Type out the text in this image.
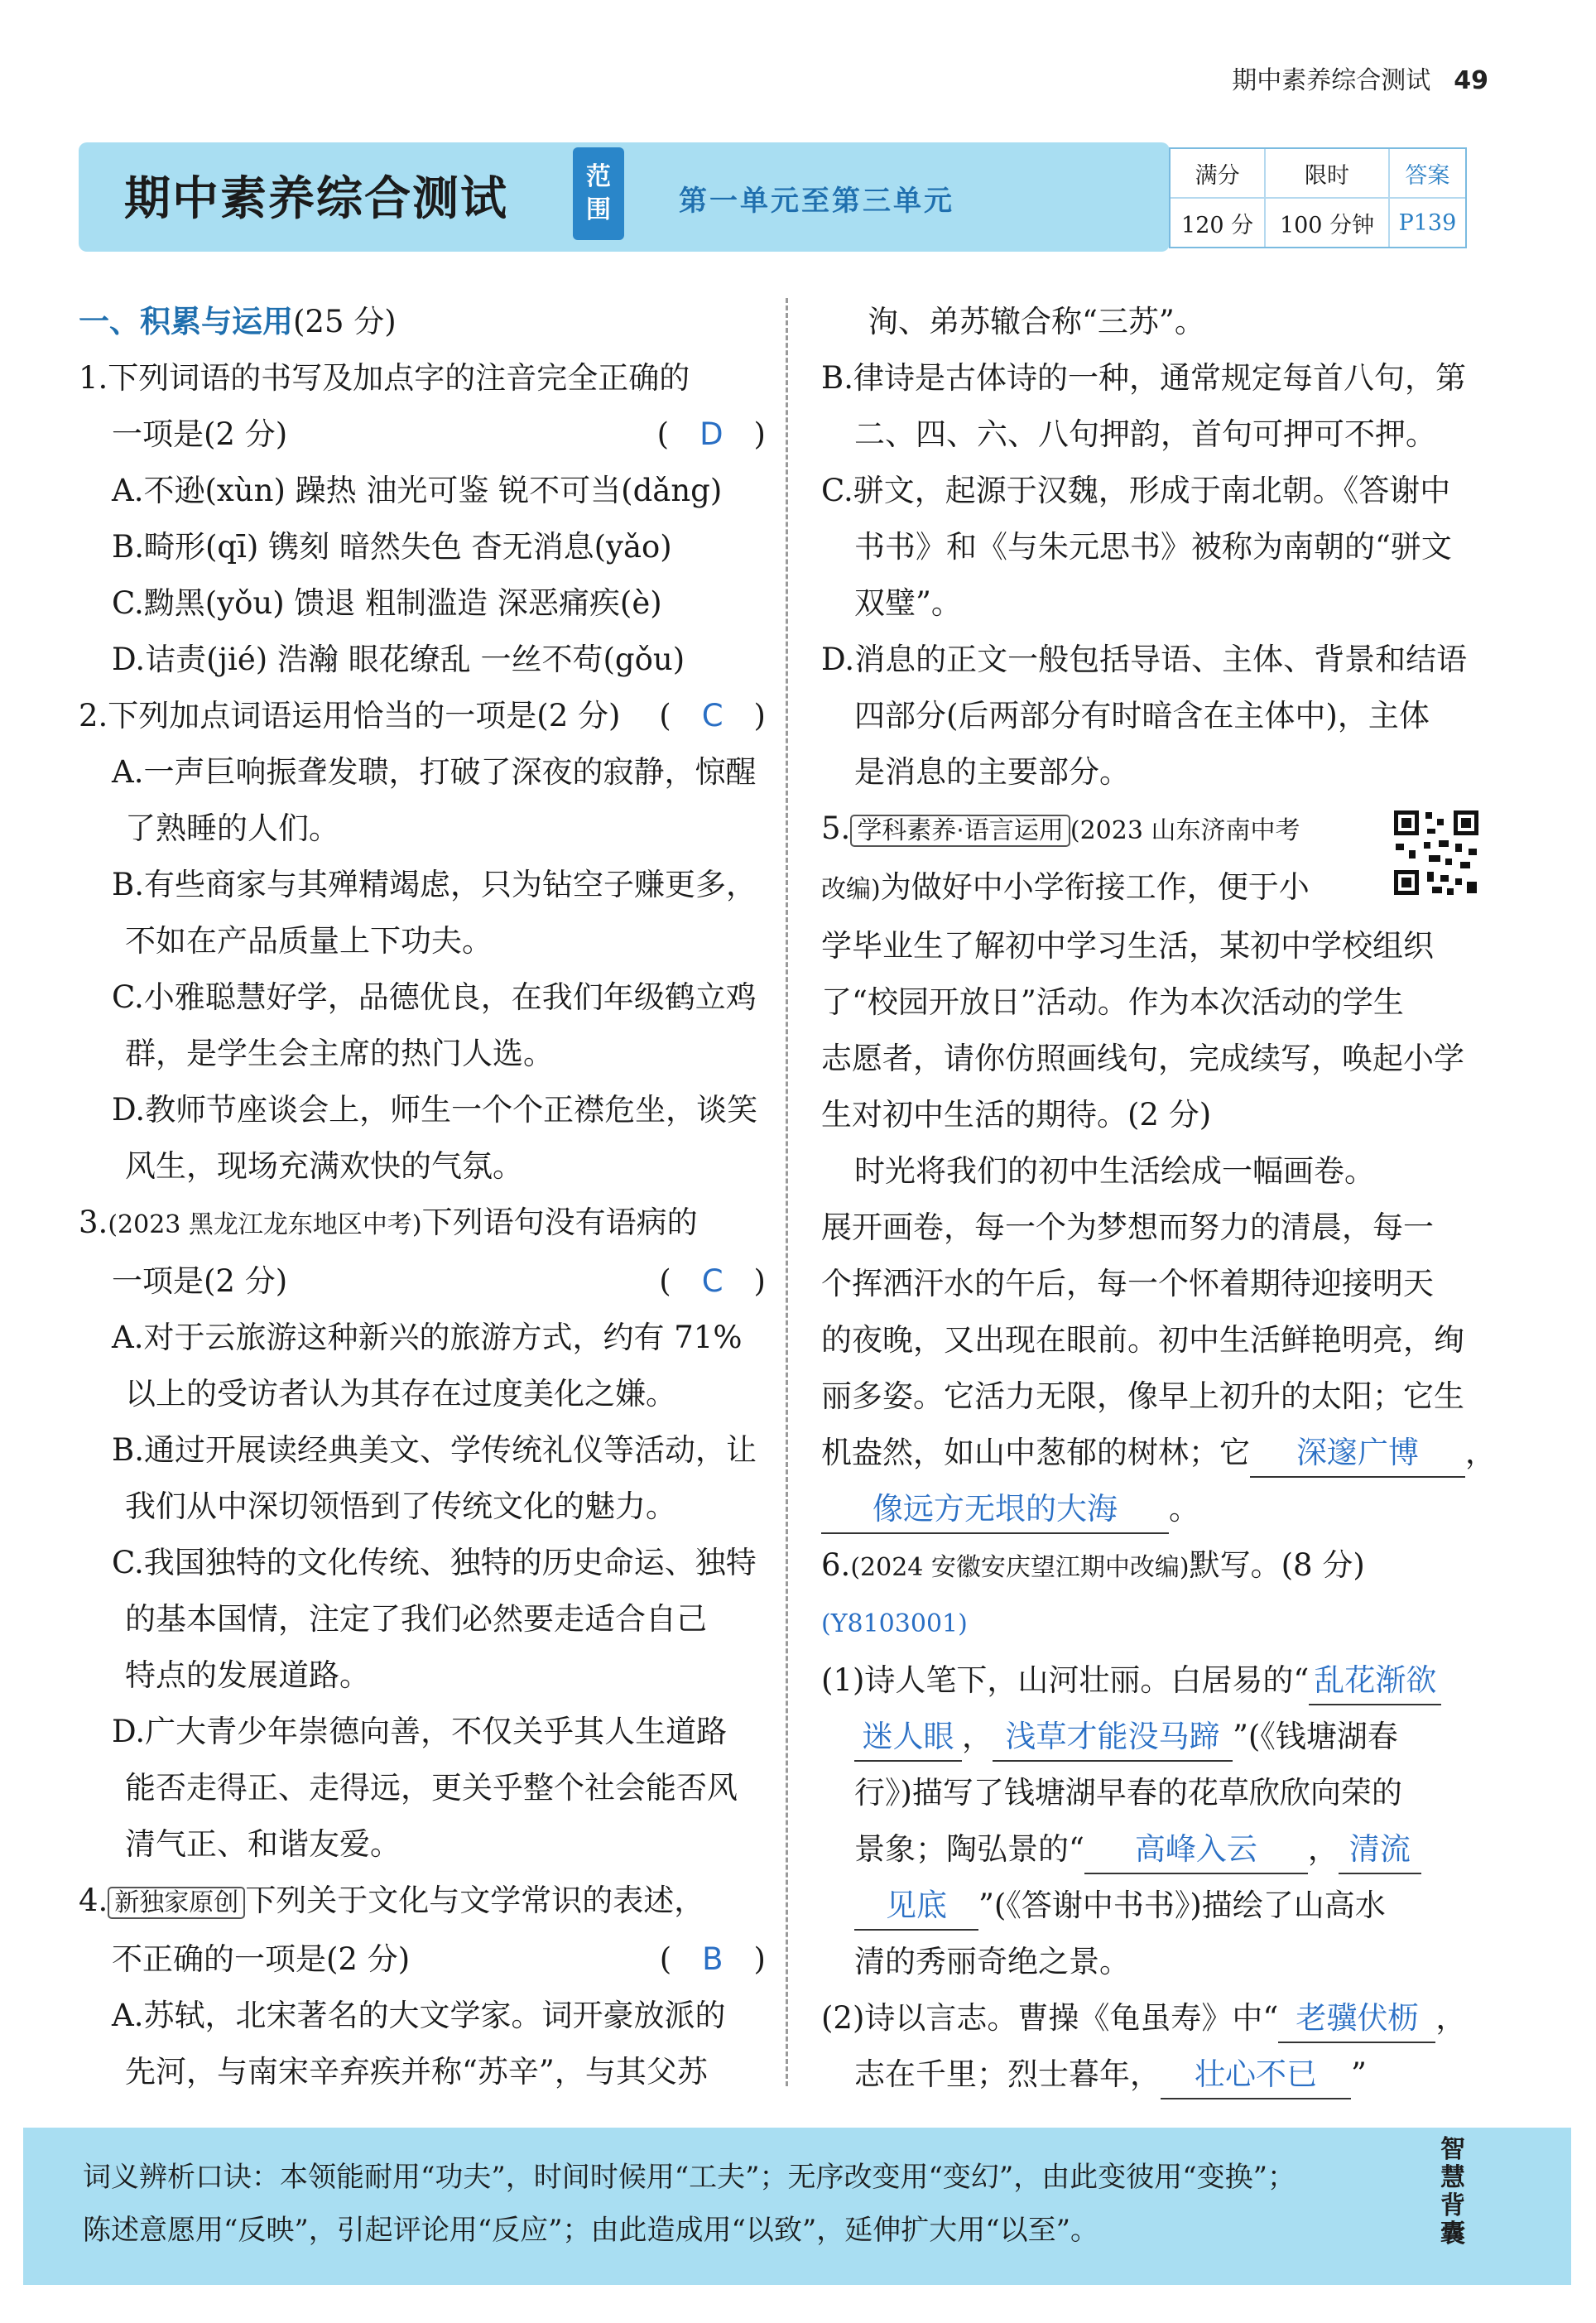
期中素养综合测试 49
期中素养综合测试	范
围 第一单元至第三单元
满分	限时	答案
120 分	100 分钟	P139
一、积累与运用(25 分)
1.下列词语的书写及加点字的注音完全正确的
一项是(2 分)	(　D　)
A.不逊(xùn) 躁热 油光可鉴 锐不可当(dǎng)
B.畸形(qī) 镌刻 暗然失色 杳无消息(yǎo)
C.黝黑(yǒu) 馈退 粗制滥造 深恶痛疾(è)
D.诘责(jié) 浩瀚 眼花缭乱 一丝不苟(gǒu)
2.下列加点词语运用恰当的一项是(2 分) (　C　)
A.一声巨响振聋发聩，打破了深夜的寂静，惊醒
了熟睡的人们。
B.有些商家与其殚精竭虑，只为钻空子赚更多，
不如在产品质量上下功夫。
C.小雅聪慧好学，品德优良，在我们年级鹤立鸡
群，是学生会主席的热门人选。
D.教师节座谈会上，师生一个个正襟危坐，谈笑
风生，现场充满欢快的气氛。
3.(2023 黑龙江龙东地区中考)下列语句没有语病的
一项是(2 分)	(　C　)
A.对于云旅游这种新兴的旅游方式，约有 71%
以上的受访者认为其存在过度美化之嫌。
B.通过开展读经典美文、学传统礼仪等活动，让
我们从中深切领悟到了传统文化的魅力。
C.我国独特的文化传统、独特的历史命运、独特
的基本国情，注定了我们必然要走适合自己
特点的发展道路。
D.广大青少年崇德向善，不仅关乎其人生道路
能否走得正、走得远，更关乎整个社会能否风
清气正、和谐友爱。
4. 新独家原创 下列关于文化与文学常识的表述，
不正确的一项是(2 分)	(　B　)
A.苏轼，北宋著名的大文学家。词开豪放派的
先河，与南宋辛弃疾并称“苏辛”，与其父苏
洵、弟苏辙合称“三苏”。
B.律诗是古体诗的一种，通常规定每首八句，第
二、四、六、八句押韵，首句可押可不押。
C.骈文，起源于汉魏，形成于南北朝。《答谢中
书书》和《与朱元思书》被称为南朝的“骈文
双璧”。
D.消息的正文一般包括导语、主体、背景和结语
四部分(后两部分有时暗含在主体中)，主体
是消息的主要部分。
5. 学科素养·语言运用 (2023 山东济南中考
改编)为做好中小学衔接工作，便于小
学毕业生了解初中学习生活，某初中学校组织
了“校园开放日”活动。作为本次活动的学生
志愿者，请你仿照画线句，完成续写，唤起小学
生对初中生活的期待。(2 分)
时光将我们的初中生活绘成一幅画卷。
展开画卷，每一个为梦想而努力的清晨，每一
个挥洒汗水的午后，每一个怀着期待迎接明天
的夜晚，又出现在眼前。初中生活鲜艳明亮，绚
丽多姿。它活力无限，像早上初升的太阳；它生
机盎然，如山中葱郁的树林；它 深邃广博 ，
像远方无垠的大海 。
6.(2024 安徽安庆望江期中改编)默写。(8 分)
(Y8103001)
(1)诗人笔下，山河壮丽。白居易的“ 乱花渐欲
迷人眼 ， 浅草才能没马蹄 ”(《钱塘湖春
行》)描写了钱塘湖早春的花草欣欣向荣的
景象；陶弘景的“ 高峰入云 ， 清流
见底 ”(《答谢中书书》)描绘了山高水
清的秀丽奇绝之景。
(2)诗以言志。曹操《龟虽寿》中“ 老骥伏枥 ，
志在千里；烈士暮年， 壮心不已 ”
词义辨析口诀：本领能耐用“功夫”，时间时候用“工夫”；无序改变用“变幻”，由此变彼用“变换”；
陈述意愿用“反映”，引起评论用“反应”；由此造成用“以致”，延伸扩大用“以至”。
智慧背囊
